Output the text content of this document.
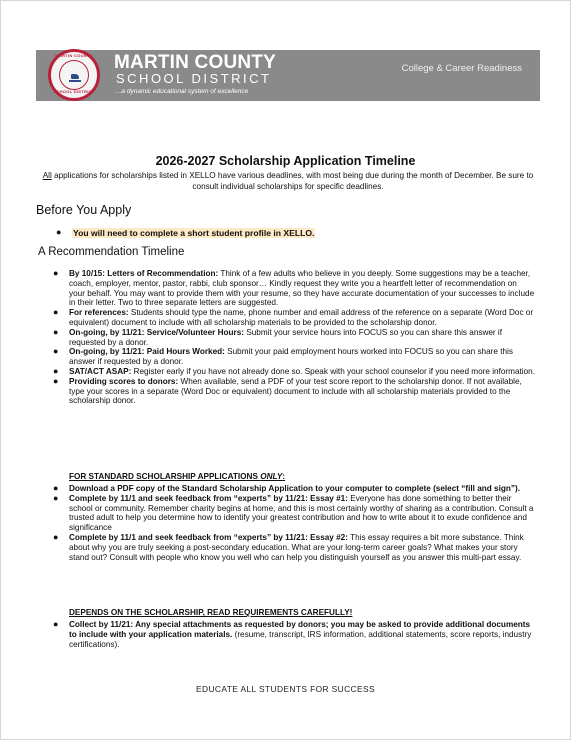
MARTIN COUNTY
SCHOOL DISTRICT
MARTIN COUNTY
SCHOOL DISTRICT
...a dynamic educational system of excellence
College & Career Readiness
2026-2027 Scholarship Application Timeline
All applications for scholarships listed in XELLO have various deadlines, with most being due during the month of December. Be sure to consult individual scholarships for specific deadlines.
Before You Apply
●	You will need to complete a short student profile in XELLO.
A Recommendation Timeline
●	By 10/15: Letters of Recommendation: Think of a few adults who believe in you deeply. Some suggestions may be a teacher, coach, employer, mentor, pastor, rabbi, club sponsor… Kindly request they write you a heartfelt letter of recommendation on your behalf. You may want to provide them with your resume, so they have accurate documentation of your successes to include in their letter. Two to three separate letters are suggested.
●	For references: Students should type the name, phone number and email address of the reference on a separate (Word Doc or equivalent) document to include with all scholarship materials to be provided to the scholarship donor.
●	On-going, by 11/21: Service/Volunteer Hours: Submit your service hours into FOCUS so you can share this answer if requested by a donor.
●	On-going, by 11/21: Paid Hours Worked: Submit your paid employment hours worked into FOCUS so you can share this answer if requested by a donor.
●	SAT/ACT ASAP: Register early if you have not already done so. Speak with your school counselor if you need more information.
●	Providing scores to donors: When available, send a PDF of your test score report to the scholarship donor. If not available, type your scores in a separate (Word Doc or equivalent) document to include with all scholarship materials provided to the scholarship donor.
FOR STANDARD SCHOLARSHIP APPLICATIONS ONLY:
●	Download a PDF copy of the Standard Scholarship Application to your computer to complete (select “fill and sign”).
●	Complete by 11/1 and seek feedback from “experts” by 11/21: Essay #1: Everyone has done something to better their school or community. Remember charity begins at home, and this is most certainly worthy of sharing as a contribution. Consult a trusted adult to help you determine how to identify your greatest contribution and how to write about it to exude confidence and significance
●	Complete by 11/1 and seek feedback from “experts” by 11/21: Essay #2: This essay requires a bit more substance. Think about why you are truly seeking a post-secondary education. What are your long-term career goals? What makes your story stand out? Consult with people who know you well who can help you distinguish yourself as you answer this multi-part essay.
DEPENDS ON THE SCHOLARSHIP, READ REQUIREMENTS CAREFULLY!
●	Collect by 11/21: Any special attachments as requested by donors; you may be asked to provide additional documents to include with your application materials. (resume, transcript, IRS information, additional statements, score reports, industry certifications).
EDUCATE ALL STUDENTS FOR SUCCESS
